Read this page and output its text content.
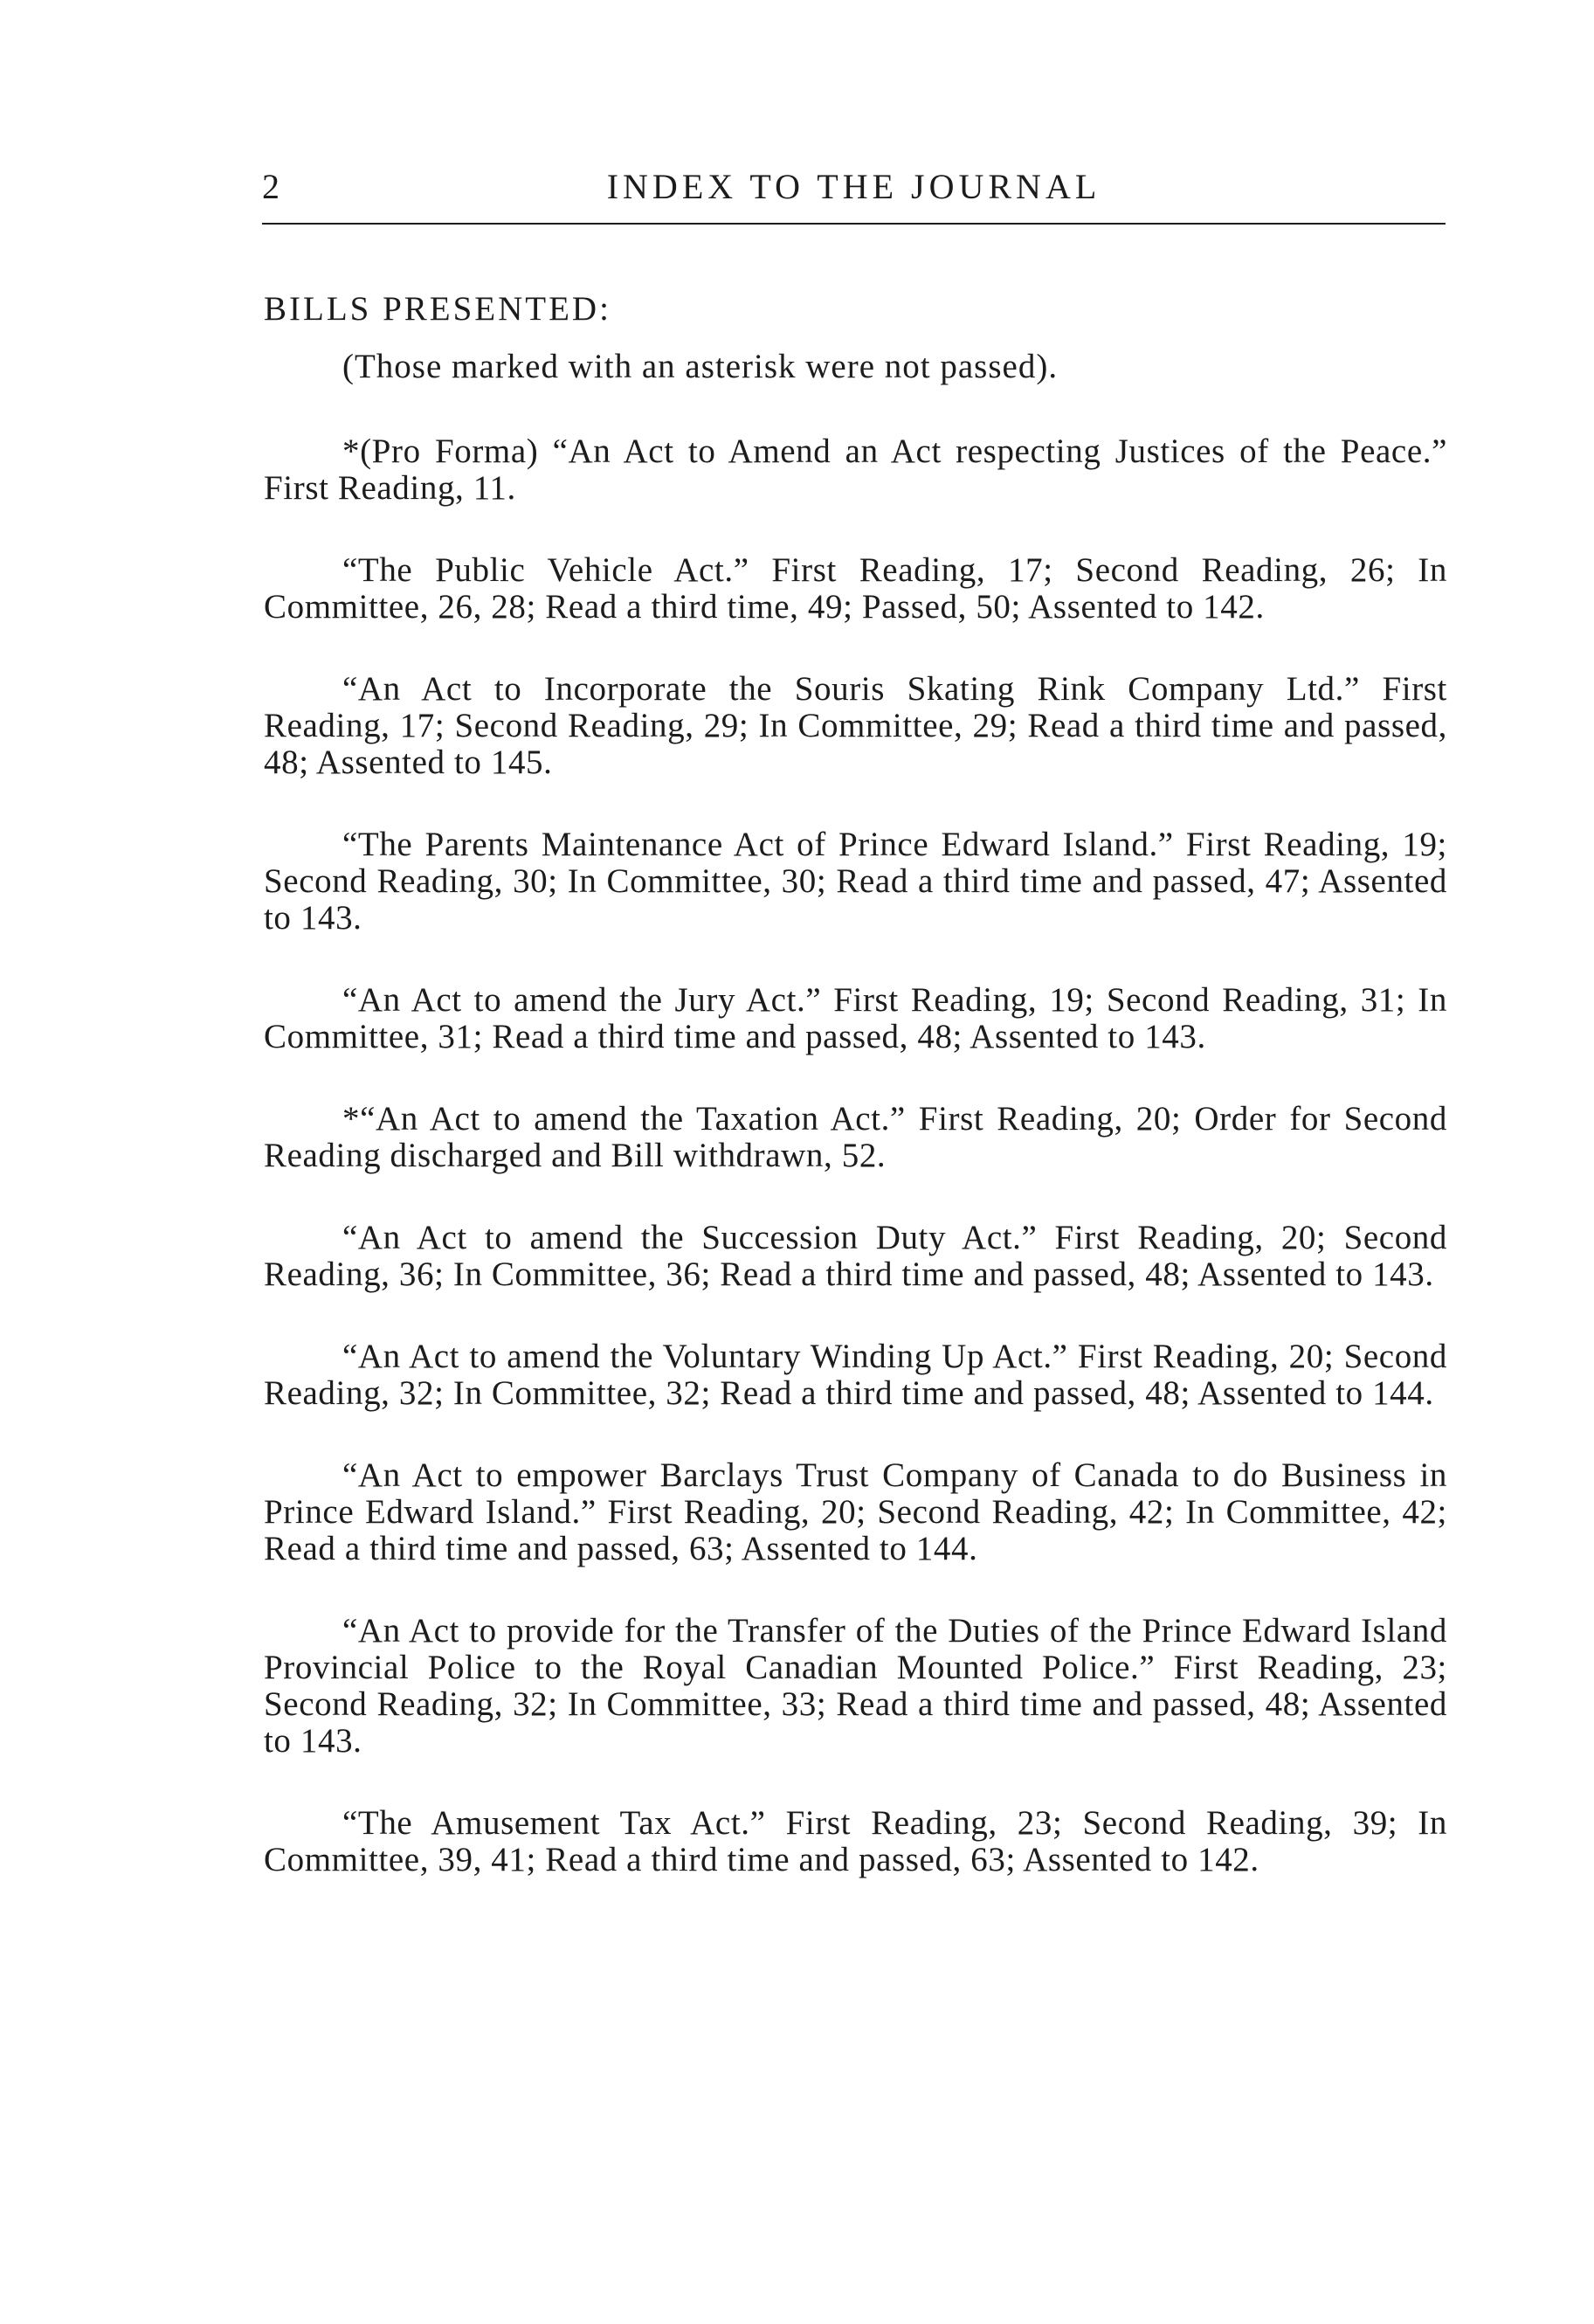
2	INDEX TO THE JOURNAL
BILLS PRESENTED:
(Those marked with an asterisk were not passed).

*(Pro Forma) “An Act to Amend an Act respecting Justices of the Peace.” First Reading, 11.

“The Public Vehicle Act.” First Reading, 17; Second Reading, 26; In Committee, 26, 28; Read a third time, 49; Passed, 50; Assented to 142.

“An Act to Incorporate the Souris Skating Rink Company Ltd.” First Reading, 17; Second Reading, 29; In Committee, 29; Read a third time and passed, 48; Assented to 145.

“The Parents Maintenance Act of Prince Edward Island.” First Reading, 19; Second Reading, 30; In Committee, 30; Read a third time and passed, 47; Assented to 143.

“An Act to amend the Jury Act.” First Reading, 19; Second Reading, 31; In Committee, 31; Read a third time and passed, 48; Assented to 143.

*“An Act to amend the Taxation Act.” First Reading, 20; Order for Second Reading discharged and Bill withdrawn, 52.

“An Act to amend the Succession Duty Act.” First Reading, 20; Second Reading, 36; In Committee, 36; Read a third time and passed, 48; Assented to 143.

“An Act to amend the Voluntary Winding Up Act.” First Reading, 20; Second Reading, 32; In Committee, 32; Read a third time and passed, 48; Assented to 144.

“An Act to empower Barclays Trust Company of Canada to do Business in Prince Edward Island.” First Reading, 20; Second Reading, 42; In Committee, 42; Read a third time and passed, 63; Assented to 144.

“An Act to provide for the Transfer of the Duties of the Prince Edward Island Provincial Police to the Royal Canadian Mounted Police.” First Reading, 23; Second Reading, 32; In Committee, 33; Read a third time and passed, 48; Assented to 143.

“The Amusement Tax Act.” First Reading, 23; Second Reading, 39; In Committee, 39, 41; Read a third time and passed, 63; Assented to 142.
